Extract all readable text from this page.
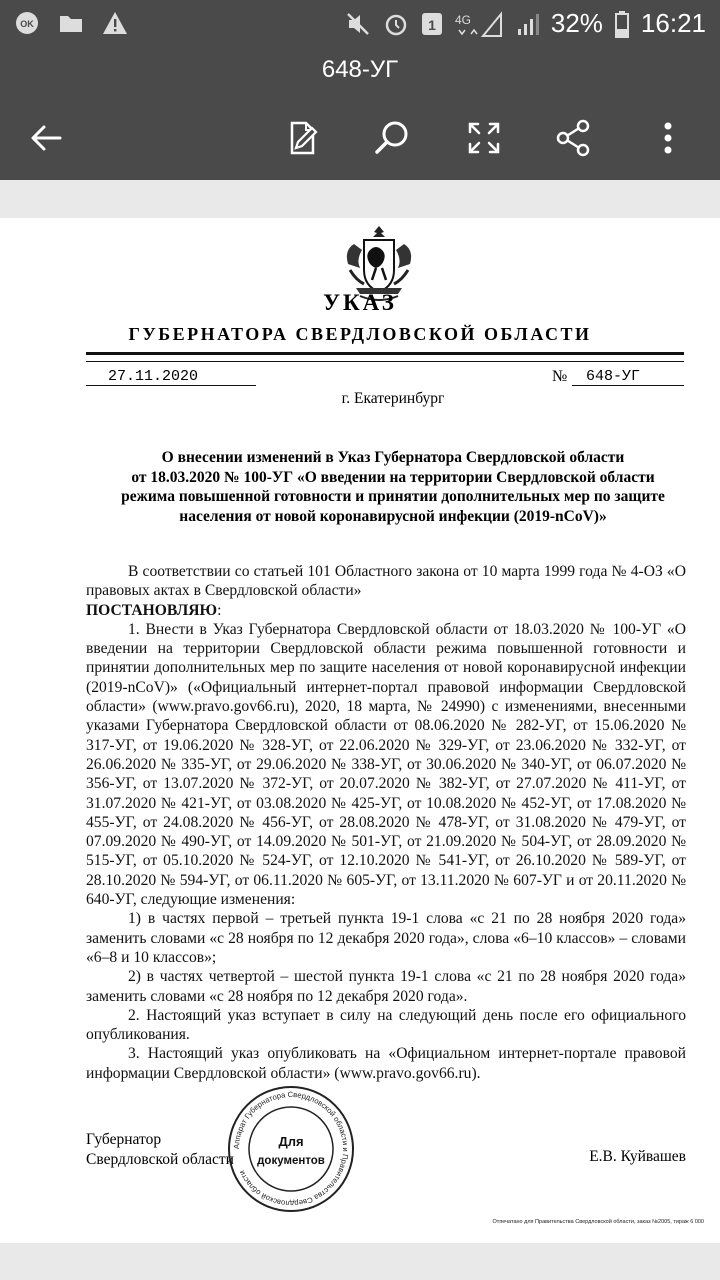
OK	1 4G	32% 16:21
648-УГ
УКАЗ
ГУБЕРНАТОРА СВЕРДЛОВСКОЙ ОБЛАСТИ
27.11.2020	№ 648-УГ
г. Екатеринбург
О внесении изменений в Указ Губернатора Свердловской области
от 18.03.2020 № 100-УГ «О введении на территории Свердловской области
режима повышенной готовности и принятии дополнительных мер по защите
населения от новой коронавирусной инфекции (2019-nCoV)»

В соответствии со статьей 101 Областного закона от 10 марта 1999 года № 4-ОЗ «О правовых актах в Свердловской области»

ПОСТАНОВЛЯЮ:

1. Внести в Указ Губернатора Свердловской области от 18.03.2020 № 100-УГ «О введении на территории Свердловской области режима повышенной готовности и принятии дополнительных мер по защите населения от новой коронавирусной инфекции (2019-nCoV)» («Официальный интернет-портал правовой информации Свердловской области» (www.pravo.gov66.ru), 2020, 18 марта, № 24990) с изменениями, внесенными указами Губернатора Свердловской области от 08.06.2020 № 282-УГ, от 15.06.2020 № 317-УГ, от 19.06.2020 № 328-УГ, от 22.06.2020 № 329-УГ, от 23.06.2020 № 332-УГ, от 26.06.2020 № 335-УГ, от 29.06.2020 № 338-УГ, от 30.06.2020 № 340-УГ, от 06.07.2020 № 356-УГ, от 13.07.2020 № 372-УГ, от 20.07.2020 № 382-УГ, от 27.07.2020 № 411-УГ, от 31.07.2020 № 421-УГ, от 03.08.2020 № 425-УГ, от 10.08.2020 № 452-УГ, от 17.08.2020 № 455-УГ, от 24.08.2020 № 456-УГ, от 28.08.2020 № 478-УГ, от 31.08.2020 № 479-УГ, от 07.09.2020 № 490-УГ, от 14.09.2020 № 501-УГ, от 21.09.2020 № 504-УГ, от 28.09.2020 № 515-УГ, от 05.10.2020 № 524-УГ, от 12.10.2020 № 541-УГ, от 26.10.2020 № 589-УГ, от 28.10.2020 № 594-УГ, от 06.11.2020 № 605-УГ, от 13.11.2020 № 607-УГ и от 20.11.2020 № 640-УГ, следующие изменения:

1) в частях первой – третьей пункта 19-1 слова «с 21 по 28 ноября 2020 года» заменить словами «с 28 ноября по 12 декабря 2020 года», слова «6–10 классов» – словами «6–8 и 10 классов»;

2) в частях четвертой – шестой пункта 19-1 слова «с 21 по 28 ноября 2020 года» заменить словами «с 28 ноября по 12 декабря 2020 года».

2. Настоящий указ вступает в силу на следующий день после его официального опубликования.

3. Настоящий указ опубликовать на «Официальном интернет-портале правовой информации Свердловской области» (www.pravo.gov66.ru).

Губернатор
Свердловской области	Е.В. Куйвашев
Аппарат Губернатора Свердловской области и Правительства Свердловской области
Для
документов
Отпечатано для Правительства Свердловской области, заказ №2005, тираж 6 000
